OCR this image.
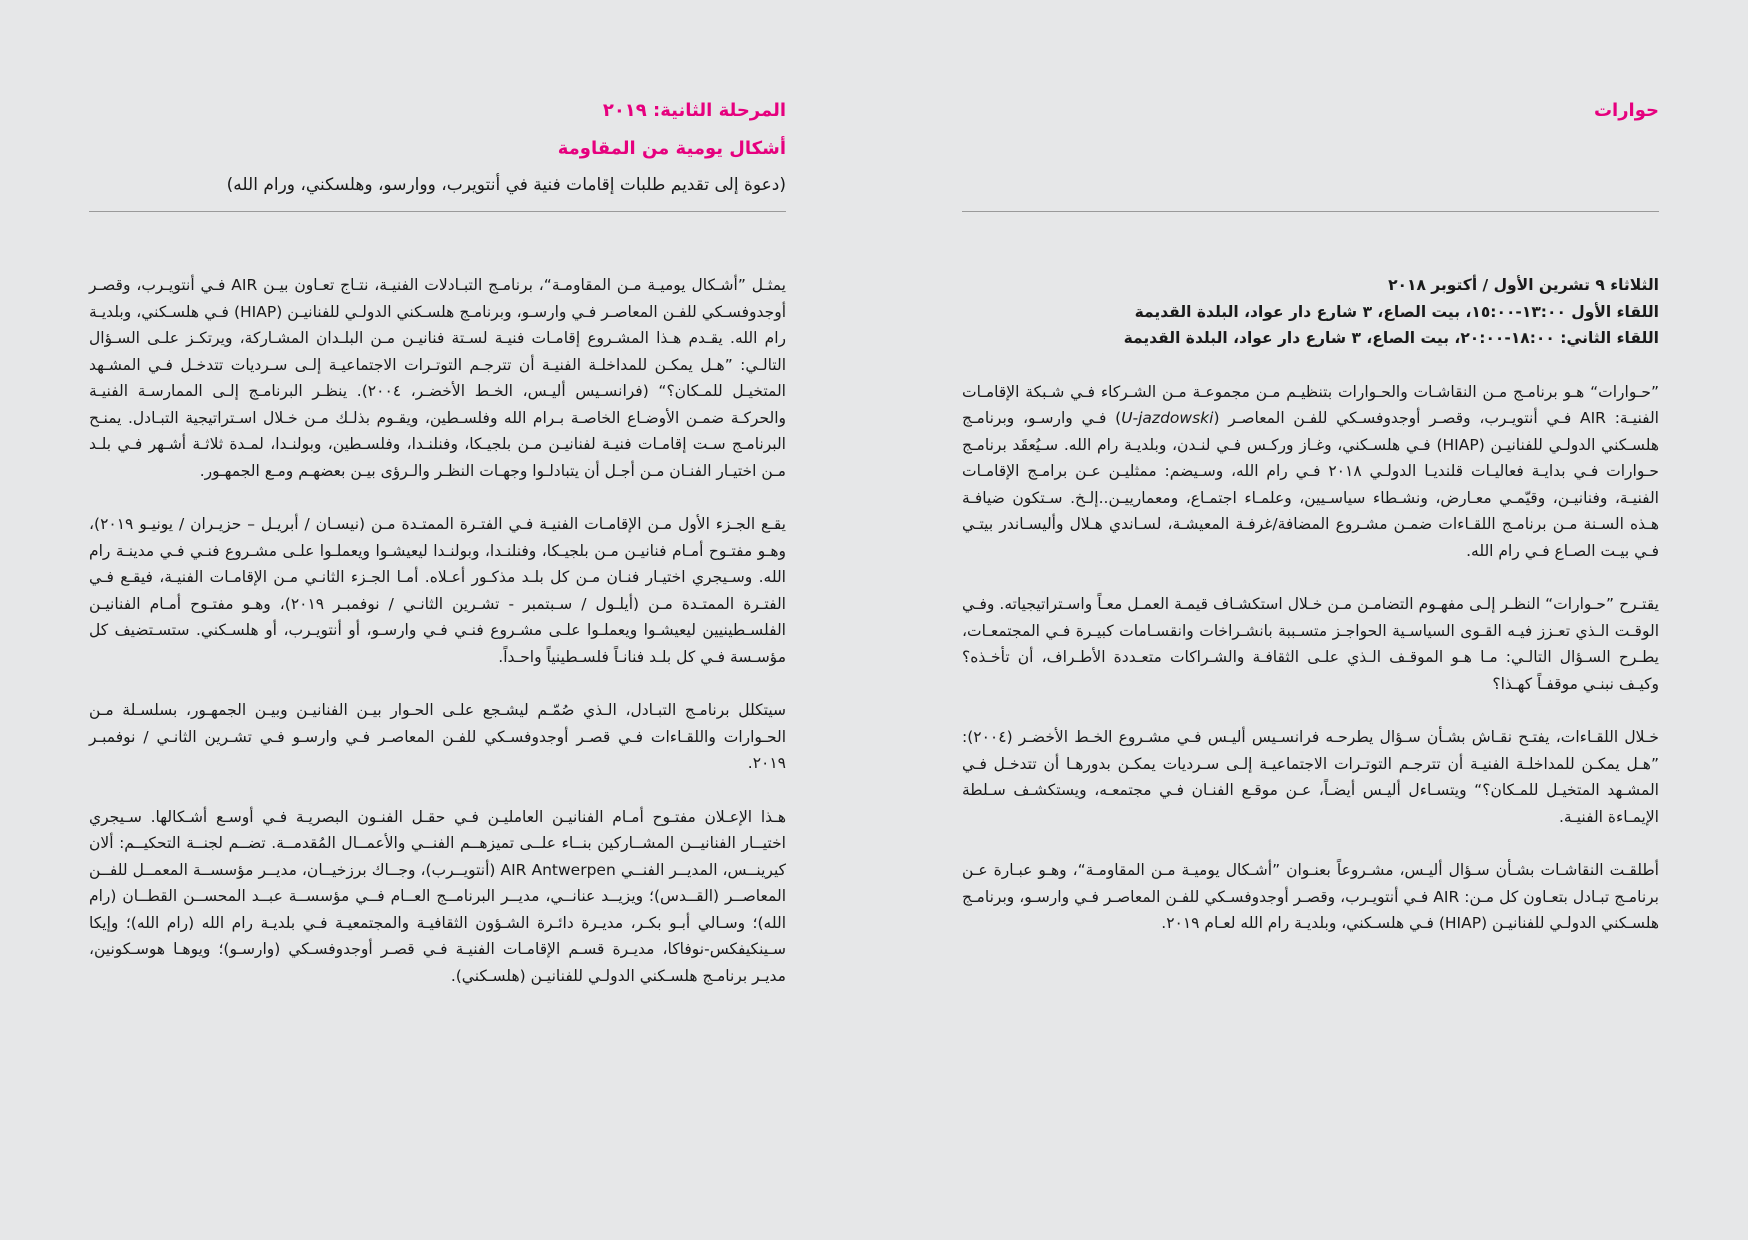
المرحلة الثانية: ٢٠١٩
أشكال يومية من المقاومة
(دعوة إلى تقديم طلبات إقامات فنية في أنتويرب، ووارسو، وهلسكني، ورام الله)

يمثـل ”أشـكال يوميـة مـن المقاومـة“، برنامـج التبـادلات الفنيـة، نتـاج تعـاون بيـن AIR فـي أنتويـرب، وقصـر أوجدوفسـكي للفـن المعاصـر فـي وارسـو، وبرنامـج هلسـكني الدولـي للفنانيـن (HIAP) فـي هلسـكني، وبلديـة رام الله. يقـدم هـذا المشـروع إقامـات فنيـة لسـتة فنانيـن مـن البلـدان المشـاركة، ويرتكـز علـى السـؤال التالـي: ”هـل يمكـن للمداخلـة الفنيـة أن تترجـم التوتـرات الاجتماعيـة إلـى سـرديات تتدخـل فـي المشـهد المتخيـل للمـكان؟“ (فرانسـيس أليـس، الخـط الأخضـر، ٢٠٠٤). ينظـر البرنامـج إلـى الممارسـة الفنيـة والحركـة ضمـن الأوضـاع الخاصـة بـرام الله وفلسـطين، ويقـوم بذلـك مـن خـلال اسـتراتيجية التبـادل. يمنـح البرنامـج سـت إقامـات فنيـة لفنانيـن مـن بلجيـكا، وفنلنـدا، وفلسـطين، وبولنـدا، لمـدة ثلاثـة أشـهر فـي بلـد مـن اختيـار الفنـان مـن أجـل أن يتبادلـوا وجهـات النظـر والـرؤى بيـن بعضهـم ومـع الجمهـور.

يقـع الجـزء الأول مـن الإقامـات الفنيـة فـي الفتـرة الممتـدة مـن (نيسـان / أبريـل – حزيـران / يونيـو ٢٠١٩)، وهـو مفتـوح أمـام فنانيـن مـن بلجيـكا، وفنلنـدا، وبولنـدا ليعيشـوا ويعملـوا علـى مشـروع فنـي فـي مدينـة رام الله. وسـيجري اختيـار فنـان مـن كل بلـد مذكـور أعـلاه. أمـا الجـزء الثانـي مـن الإقامـات الفنيـة، فيقـع فـي الفتـرة الممتـدة مـن (أيلـول / سـبتمبر - تشـرين الثانـي / نوفمبـر ٢٠١٩)، وهـو مفتـوح أمـام الفنانيـن الفلسـطينيين ليعيشـوا ويعملـوا علـى مشـروع فنـي فـي وارسـو، أو أنتويـرب، أو هلسـكني. ستسـتضيف كل مؤسـسة فـي كل بلـد فنانـاً فلسـطينياً واحـداً.

سيتكلل برنامـج التبـادل، الـذي صُمّـم ليشـجع علـى الحـوار بيـن الفنانيـن وبيـن الجمهـور، بسلسـلة مـن الحـوارات واللقـاءات فـي قصـر أوجدوفسـكي للفـن المعاصـر فـي وارسـو فـي تشـرين الثانـي / نوفمبـر ٢٠١٩.

هـذا الإعـلان مفتـوح أمـام الفنانيـن العامليـن فـي حقـل الفنـون البصريـة فـي أوسـع أشـكالها. سـيجري اختيــار الفنانيــن المشــاركين بنــاء علــى تميزهــم الفنــي والأعمــال المُقدمــة. تضــم لجنــة التحكيــم: ألان كيرينــس، المديــر الفنــي AIR Antwerpen (أنتويــرب)، وجــاك برزخيــان، مديــر مؤسســة المعمــل للفــن المعاصــر (القــدس)؛ ويزيــد عنانــي، مديــر البرنامــج العــام فــي مؤسســة عبــد المحســن القطــان (رام الله)؛ وسـالي أبـو بكـر، مديـرة دائـرة الشـؤون الثقافيـة والمجتمعيـة فـي بلديـة رام الله (رام الله)؛ وإيكا سـينكيفكس-نوفاكا، مديـرة قسـم الإقامـات الفنيـة فـي قصـر أوجدوفسـكي (وارسـو)؛ ويوهـا هوسـكونين، مديـر برنامـج هلسـكني الدولـي للفنانيـن (هلسـكني).

حوارات

الثلاثاء ٩ تشرين الأول / أكتوبر ٢٠١٨

اللقاء الأول ١٣:٠٠-١٥:٠٠، بيت الصاع، ٣ شارع دار عواد، البلدة القديمة

اللقاء الثاني: ١٨:٠٠-٢٠:٠٠، بيت الصاع، ٣ شارع دار عواد، البلدة القديمة

”حـوارات“ هـو برنامـج مـن النقاشـات والحـوارات بتنظيـم مـن مجموعـة مـن الشـركاء فـي شـبكة الإقامـات الفنيـة: AIR فـي أنتويـرب، وقصـر أوجدوفسـكي للفـن المعاصـر (U-jazdowski) فـي وارسـو، وبرنامـج هلسـكني الدولـي للفنانيـن (HIAP) فـي هلسـكني، وغـاز وركـس فـي لنـدن، وبلديـة رام الله. سـيُعقَد برنامـج حـوارات فـي بدايـة فعاليـات قلنديـا الدولـي ٢٠١٨ فـي رام الله، وسـيضم: ممثليـن عـن برامـج الإقامـات الفنيـة، وفنانيـن، وقيّمـي معـارض، ونشـطاء سياسـيين، وعلمـاء اجتمـاع، ومعمارييـن..إلـخ. سـتكون ضيافـة هـذه السـنة مـن برنامـج اللقـاءات ضمـن مشـروع المضافة/غرفـة المعيشـة، لسـاندي هـلال وأليسـاندر بيتـي فـي بيـت الصـاع فـي رام الله.

يقتـرح ”حـوارات“ النظـر إلـى مفهـوم التضامـن مـن خـلال استكشـاف قيمـة العمـل معـاً واسـتراتيجياته. وفـي الوقـت الـذي تعـزز فيـه القـوى السياسـية الحواجـز متسـببة بانشـراخات وانقسـامات كبيـرة فـي المجتمعـات، يطـرح السـؤال التالـي: مـا هـو الموقـف الـذي علـى الثقافـة والشـراكات متعـددة الأطـراف، أن تأخـذه؟ وكيـف نبنـي موقفـاً كهـذا؟

خـلال اللقـاءات، يفتـح نقـاش بشـأن سـؤال يطرحـه فرانسـيس أليـس فـي مشـروع الخـط الأخضـر (٢٠٠٤): ”هـل يمكـن للمداخلـة الفنيـة أن تترجـم التوتـرات الاجتماعيـة إلـى سـرديات يمكـن بدورهـا أن تتدخـل فـي المشـهد المتخيـل للمـكان؟“ ويتسـاءل أليـس أيضـاً، عـن موقـع الفنـان فـي مجتمعـه، ويستكشـف سـلطة الإيمـاءة الفنيـة.

أطلقـت النقاشـات بشـأن سـؤال أليـس، مشـروعاً بعنـوان ”أشـكال يوميـة مـن المقاومـة“، وهـو عبـارة عـن برنامـج تبـادل بتعـاون كل مـن: AIR فـي أنتويـرب، وقصـر أوجدوفسـكي للفـن المعاصـر فـي وارسـو، وبرنامـج هلسـكني الدولـي للفنانيـن (HIAP) فـي هلسـكني، وبلديـة رام الله لعـام ٢٠١٩.
